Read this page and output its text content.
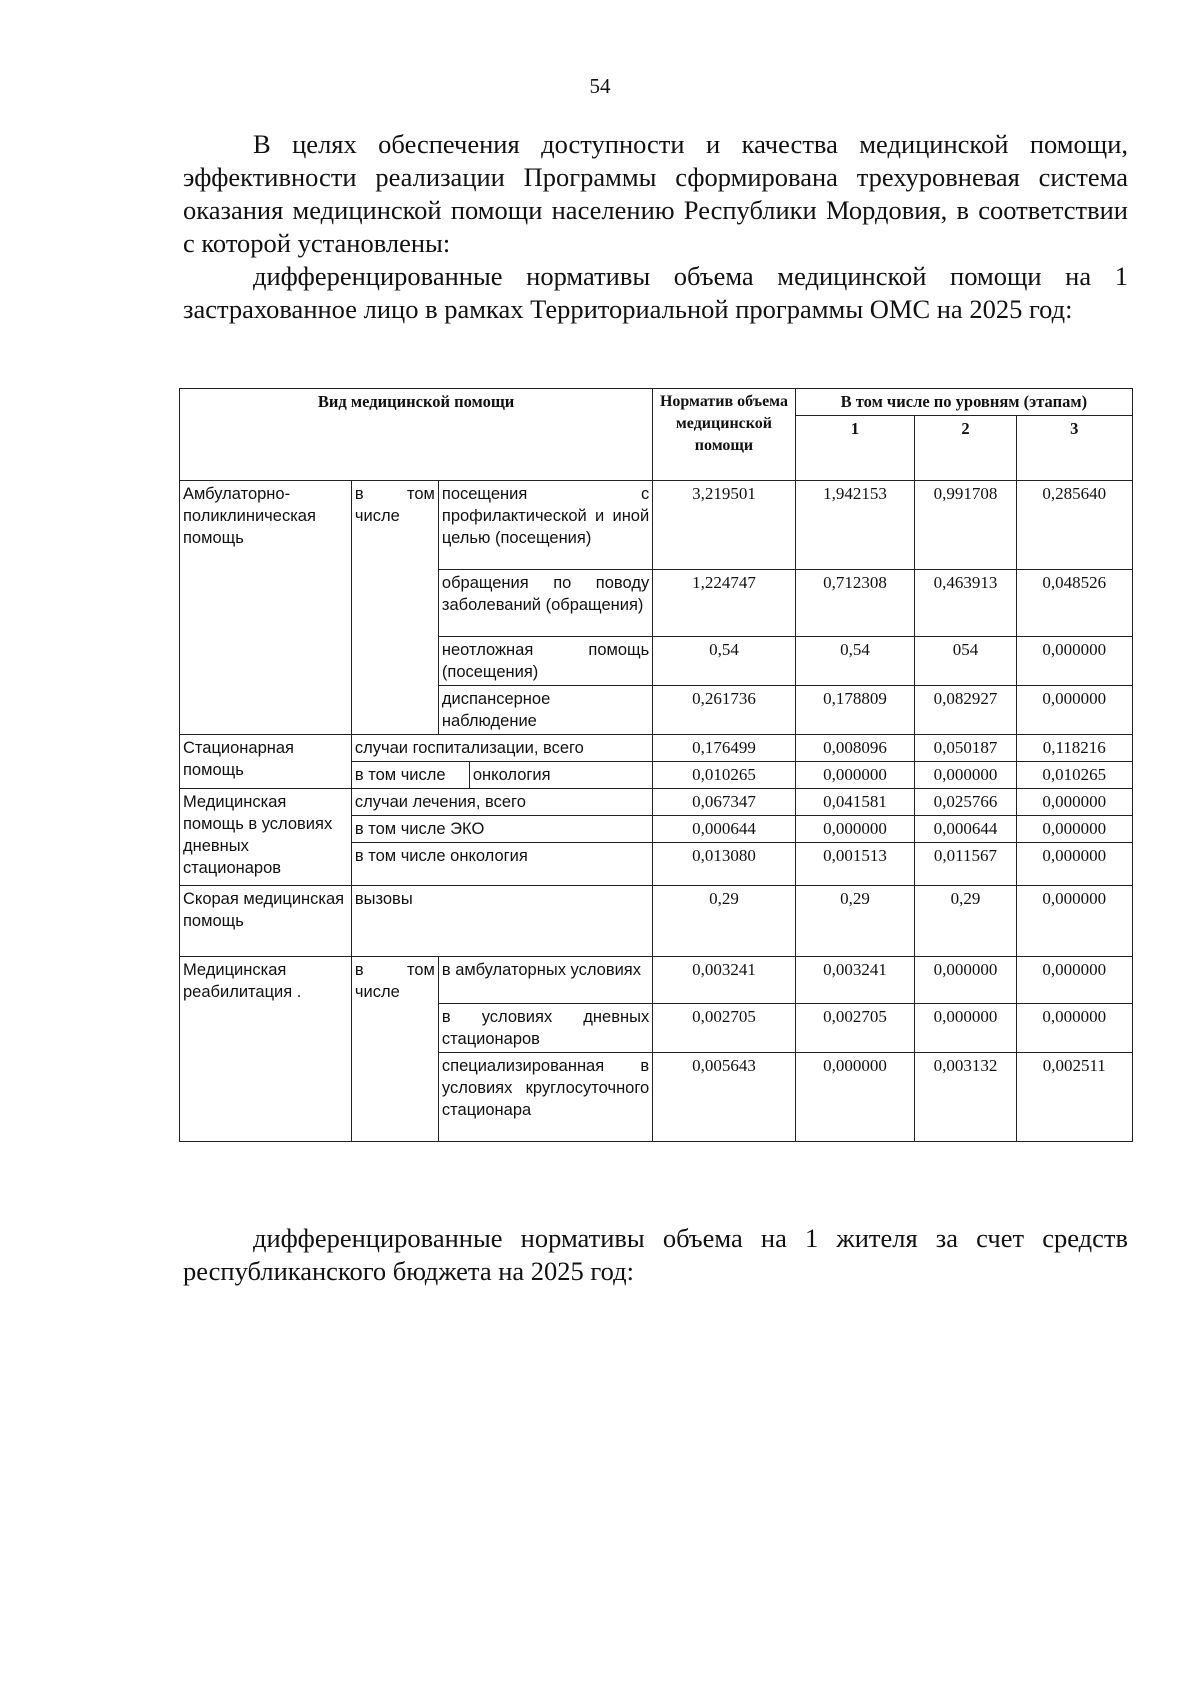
54

В целях обеспечения доступности и качества медицинской помощи, эффективности реализации Программы сформирована трехуровневая система оказания медицинской помощи населению Республики Мордовия, в соответствии с которой установлены:

дифференцированные нормативы объема медицинской помощи на 1 застрахованное лицо в рамках Территориальной программы ОМС на 2025 год:

Вид медицинской помощи			Норматив объема медицинской помощи	В том числе по уровням (этапам)		
				1	2	3
Амбулаторно-поликлиническая помощь	в том числе	посещения с профилактической и иной целью (посещения)	3,219501	1,942153	0,991708	0,285640
		обращения по поводу заболеваний (обращения)	1,224747	0,712308	0,463913	0,048526
		неотложная помощь (посещения)	0,54	0,54	054	0,000000
		диспансерное наблюдение	0,261736	0,178809	0,082927	0,000000
Стационарная помощь	случаи госпитализации, всего		0,176499	0,008096	0,050187	0,118216

	в том числе онкология		0,010265	0,000000	0,000000	0,010265
Медицинская помощь в условиях дневных стационаров	случаи лечения, всего		0,067347	0,041581	0,025766	0,000000
	в том числе ЭКО		0,000644	0,000000	0,000644	0,000000
	в том числе онкология		0,013080	0,001513	0,011567	0,000000
Скорая медицинская помощь	вызовы		0,29	0,29	0,29	0,000000
Медицинская реабилитация .	в том числе	в амбулаторных условиях	0,003241	0,003241	0,000000	0,000000
		в условиях дневных стационаров	0,002705	0,002705	0,000000	0,000000
		специализированная в условиях круглосуточного стационара	0,005643	0,000000	0,003132	0,002511

дифференцированные нормативы объема на 1 жителя за счет средств республиканского бюджета на 2025 год:
